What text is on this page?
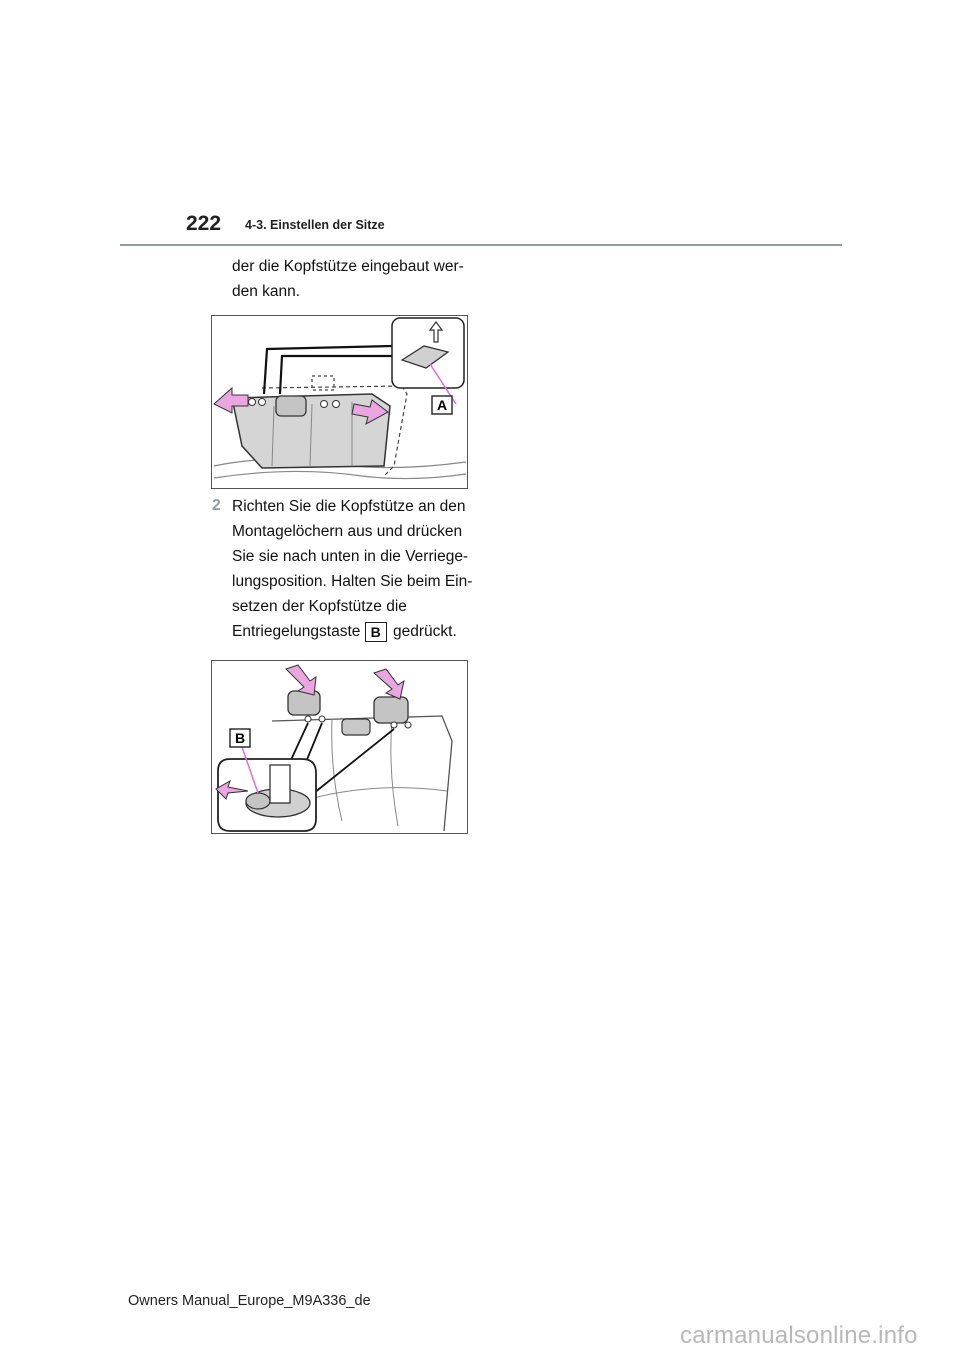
222 4-3. Einstellen der Sitze
der die Kopfstütze eingebaut wer-
den kann.
A
2 Richten Sie die Kopfstütze an den
Montagelöchern aus und drücken
Sie sie nach unten in die Verriege-
lungsposition. Halten Sie beim Ein-
setzen der Kopfstütze die
Entriegelungstaste B gedrückt.
B
Owners Manual_Europe_M9A336_de
carmanualsonline.info
